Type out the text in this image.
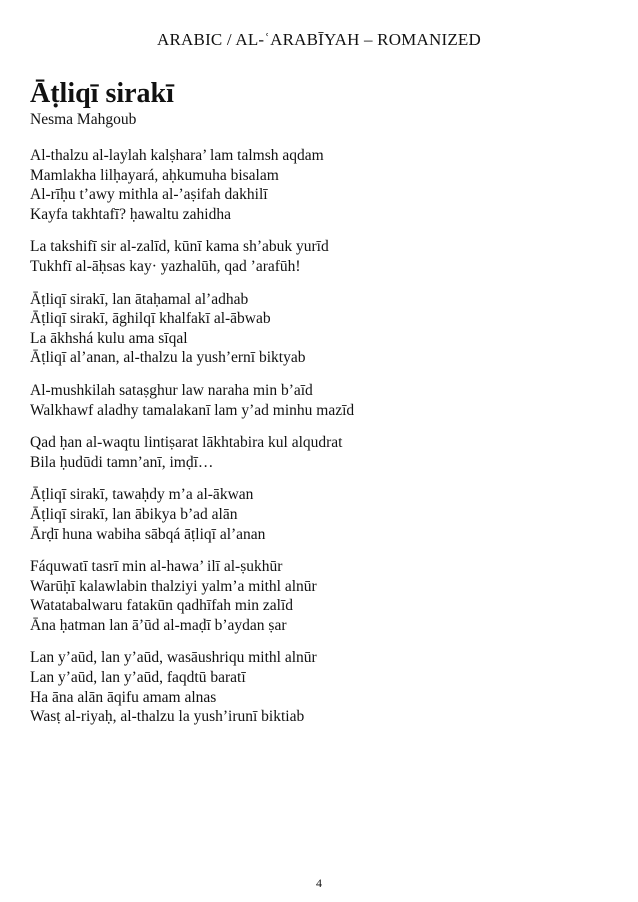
ARABIC / AL-ʿARABĪYAH – ROMANIZED
Āṭliqī sirakī
Nesma Mahgoub
Al-thalzu al-laylah kalṣhara’ lam talmsh aqdam
Mamlakha lilḥayará, aḥkumuha bisalam
Al-rīḥu t’awy mithla al-’aṣifah dakhilī
Kayfa takhtafī? ḥawaltu zahidha
La takshifī sir al-zalīd, kūnī kama sh’abuk yurīd
Tukhfī al-āḥsas kay· yazhalūh, qad ’arafūh!
Āṭliqī sirakī, lan ātaḥamal al’adhab
Āṭliqī sirakī, āghilqī khalfakī al-ābwab
La ākhshá kulu ama sīqal
Āṭliqī al’anan, al-thalzu la yush’ernī biktyab
Al-mushkilah sataṣghur law naraha min b’aīd
Walkhawf aladhy tamalakanī lam y’ad minhu mazīd
Qad ḥan al-waqtu lintiṣarat lākhtabira kul alqudrat
Bila ḥudūdi tamn’anī, imḍī…
Āṭliqī sirakī, tawaḥdy m’a al-ākwan
Āṭliqī sirakī, lan ābikya b’ad alān
Ārḍī huna wabiha sābqá āṭliqī al’anan
Fáquwatī tasrī min al-hawa’ ilī al-ṣukhūr
Warūḥī kalawlabin thalziyi yalm’a mithl alnūr
Watatabalwaru fatakūn qadhīfah min zalīd
Āna ḥatman lan ā’ūd al-maḍī b’aydan ṣar
Lan y’aūd, lan y’aūd, wasāushriqu mithl alnūr
Lan y’aūd, lan y’aūd, faqdtū baratī
Ha āna alān āqifu amam alnas
Wasṭ al-riyaḥ, al-thalzu la yush’irunī biktiab
4
